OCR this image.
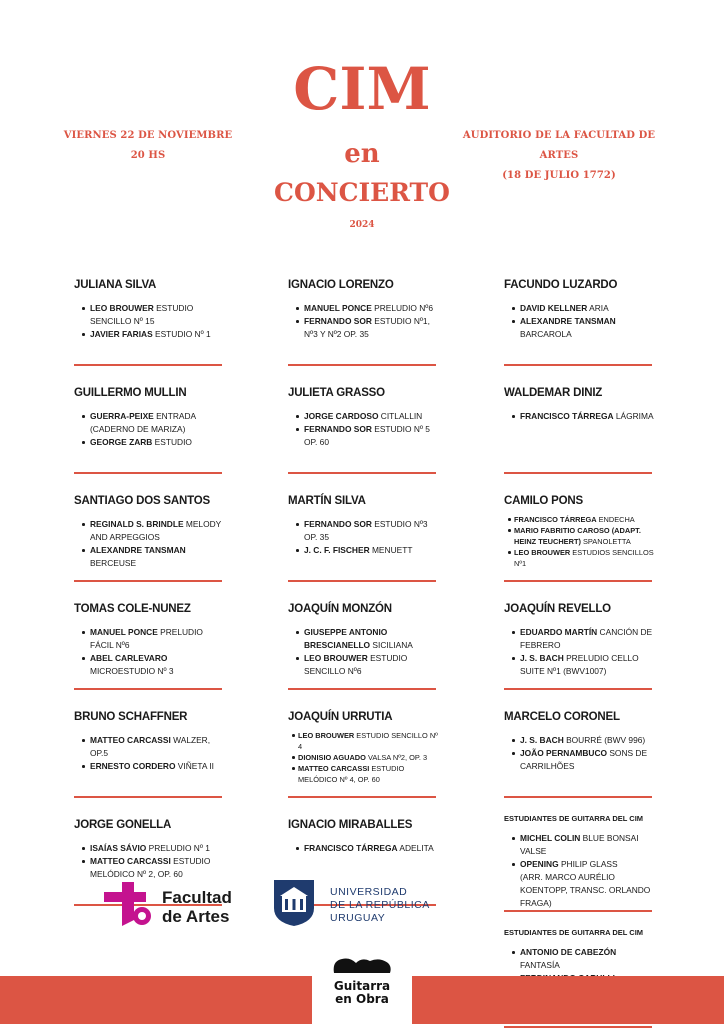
VIERNES 22 DE NOVIEMBRE
20 HS
AUDITORIO DE LA FACULTAD DE ARTES
(18 DE JULIO 1772)
CIM
en
CONCIERTO
2024
JULIANA SILVA
LEO BROUWER ESTUDIO SENCILLO Nº 15
JAVIER FARIAS ESTUDIO Nº 1
GUILLERMO MULLIN
GUERRA-PEIXE ENTRADA (CADERNO DE MARIZA)
GEORGE ZARB ESTUDIO
SANTIAGO DOS SANTOS
REGINALD S. BRINDLE MELODY AND ARPEGGIOS
ALEXANDRE TANSMAN BERCEUSE
TOMAS COLE-NUNEZ
MANUEL PONCE PRELUDIO FÁCIL Nº6
ABEL CARLEVARO MICROESTUDIO Nº 3
BRUNO SCHAFFNER
MATTEO CARCASSI WALZER, OP.5
ERNESTO CORDERO VIÑETA II
JORGE GONELLA
ISAÍAS SÁVIO PRELUDIO Nº 1
MATTEO CARCASSI ESTUDIO MELÓDICO Nº 2, OP. 60
IGNACIO LORENZO
MANUEL PONCE PRELUDIO Nº6
FERNANDO SOR ESTUDIO Nº1, Nº3 Y Nº2 OP. 35
JULIETA GRASSO
JORGE CARDOSO CITLALLIN
FERNANDO SOR ESTUDIO Nº 5 OP. 60
MARTÍN SILVA
FERNANDO SOR ESTUDIO Nº3 OP. 35
J. C. F. FISCHER MENUETT
JOAQUÍN MONZÓN
GIUSEPPE ANTONIO BRESCIANELLO SICILIANA
LEO BROUWER ESTUDIO SENCILLO Nº6
JOAQUÍN URRUTIA
LEO BROUWER ESTUDIO SENCILLO Nº 4
DIONISIO AGUADO VALSA Nº2, OP. 3
MATTEO CARCASSI ESTUDIO MELÓDICO Nº 4, OP. 60
IGNACIO MIRABALLES
FRANCISCO TÁRREGA ADELITA
FACUNDO LUZARDO
DAVID KELLNER ARIA
ALEXANDRE TANSMAN BARCAROLA
WALDEMAR DINIZ
FRANCISCO TÁRREGA LÁGRIMA
CAMILO PONS
FRANCISCO TÁRREGA ENDECHA
MARIO FABRITIO CAROSO (ADAPT. HEINZ TEUCHERT) SPANOLETTA
LEO BROUWER ESTUDIOS SENCILLOS Nº1
JOAQUÍN REVELLO
EDUARDO MARTÍN CANCIÓN DE FEBRERO
J. S. BACH PRELUDIO CELLO SUITE Nº1 (BWV1007)
MARCELO CORONEL
J. S. BACH BOURRÉ (BWV 996)
JOÃO PERNAMBUCO SONS DE CARRILHÕES
ESTUDIANTES DE GUITARRA DEL CIM
MICHEL COLIN BLUE BONSAI VALSE
OPENING PHILIP GLASS
(ARR. MARCO AURÉLIO KOENTOPP, TRANSC. ORLANDO FRAGA)
ESTUDIANTES DE GUITARRA DEL CIM
ANTONIO DE CABEZÓN FANTASÍA
Facultad
de Artes
UNIVERSIDAD
DE LA REPÚBLICA
URUGUAY
Guitarra
en Obra
